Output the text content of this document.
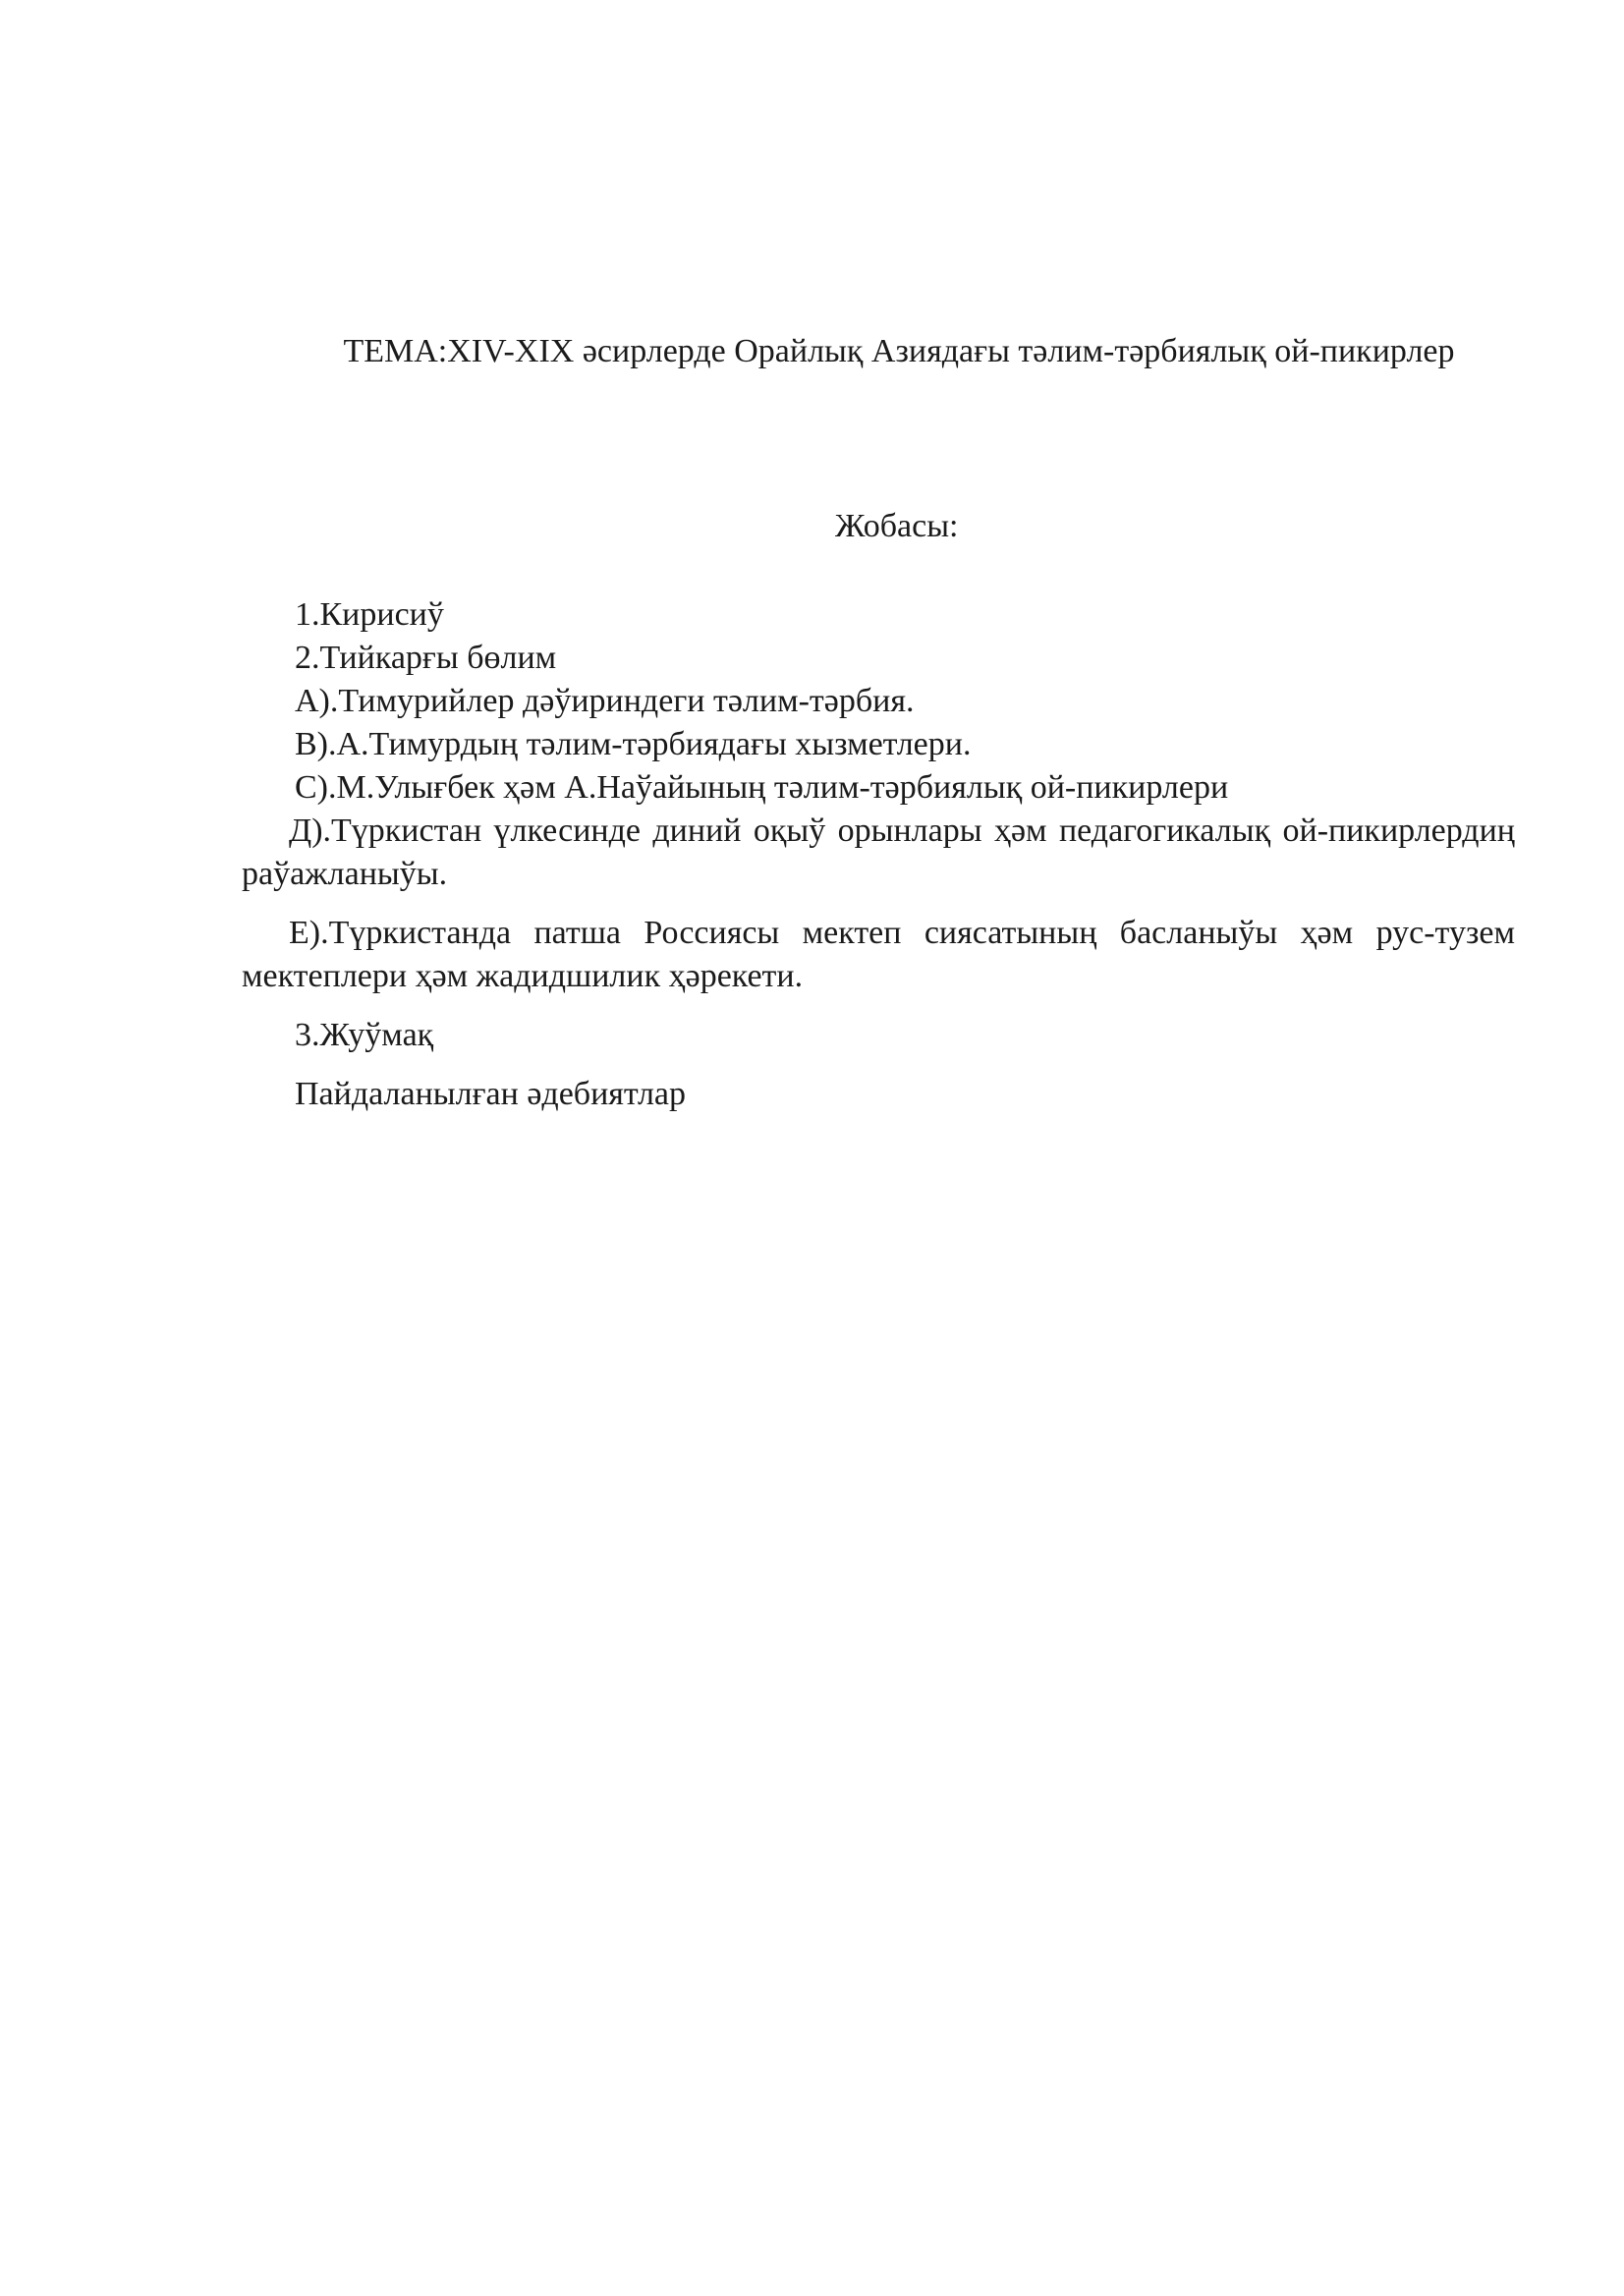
ТЕМА:XIV-XIX әсирлерде Орайлық Азиядағы тәлим-тәрбиялық ой-пикирлер
Жобасы:

1.Кирисиў

2.Тийкарғы бөлим

А).Тимурийлер дәўириндеги тәлим-тәрбия.

В).А.Тимурдың тәлим-тәрбиядағы хызметлери.

С).М.Улығбек ҳәм А.Наўайының тәлим-тәрбиялық ой-пикирлери

Д).Түркистан үлкесинде диний оқыў орынлары ҳәм педагогикалық ой-пикирлердиң раўажланыўы.

Е).Түркистанда патша Россиясы мектеп сиясатының басланыўы ҳәм рус-тузем мектеплери ҳәм жадидшилик ҳәрекети.

3.Жуўмақ

Пайдаланылған әдебиятлар
